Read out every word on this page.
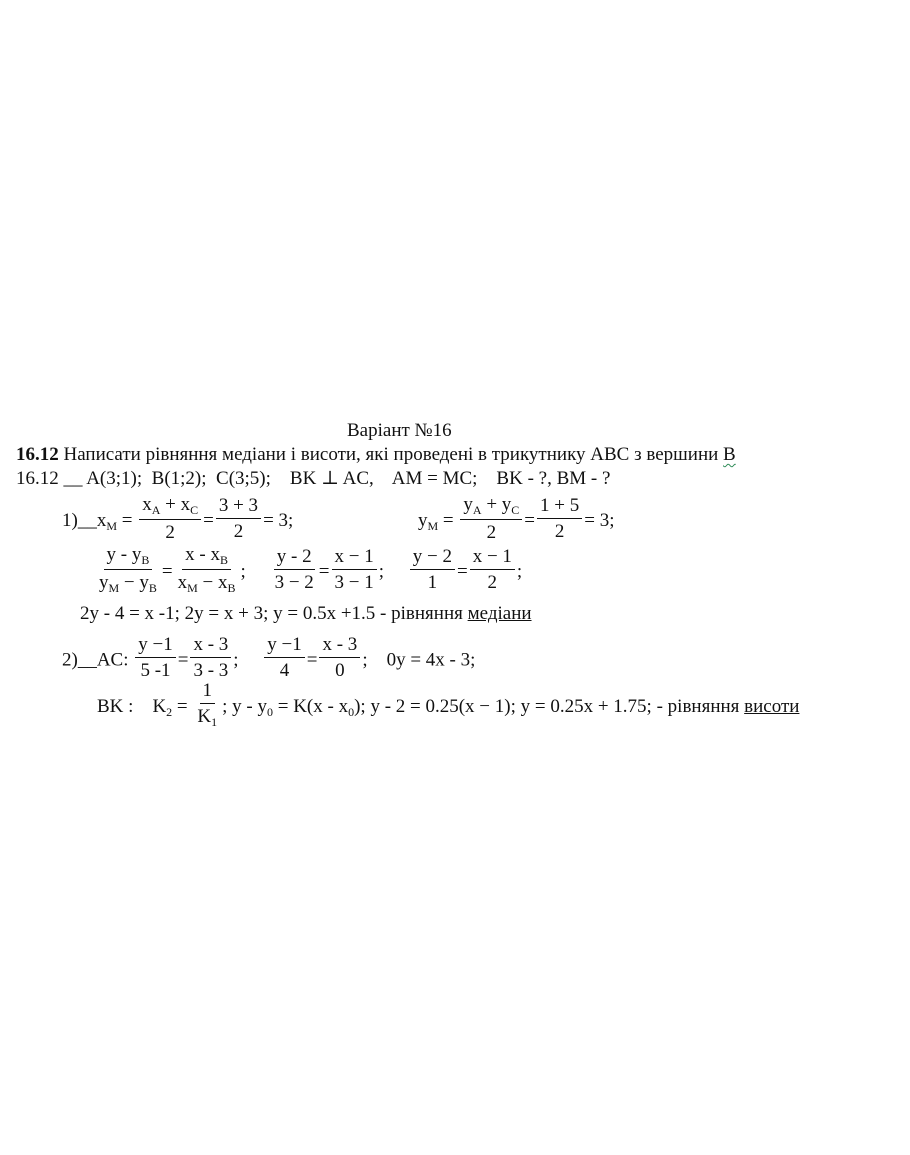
Варіант №16
16.12 Написати рівняння медіани і висоти, які проведені в трикутнику АВС з вершини В
16.12 __ A(3;1); B(1;2); C(3;5); BK ⊥ AC, AM = MC; BK - ?, BM - ?
$1)\_\_x_M = \frac{x_A + x_C}{2} = \frac{3 + 3}{2} = 3$;	$y_M = \frac{y_A + y_C}{2} = \frac{1 + 5}{2} = 3$;
$\frac{y - y_B}{y_M - y_B} = \frac{x - x_B}{x_M - x_B}$ ; $\frac{y - 2}{3 - 2} = \frac{x - 1}{3 - 1}$ ; $\frac{y - 2}{1} = \frac{x - 1}{2}$ ;
2y - 4 = x -1; 2y = x + 3; y = 0.5x +1.5 - рівняння медіани
2)__AC: $\frac{y -1}{5 -1} = \frac{x - 3}{3 - 3}$ ; $\frac{y -1}{4} = \frac{x - 3}{0}$ ;    0y = 4x - 3;
BK : $K_2 = \frac{1}{K_1}$ ; $y - y_0 = K(x - x_0)$; y - 2 = 0.25(x − 1); y = 0.25x + 1.75; - рівняння висоти
